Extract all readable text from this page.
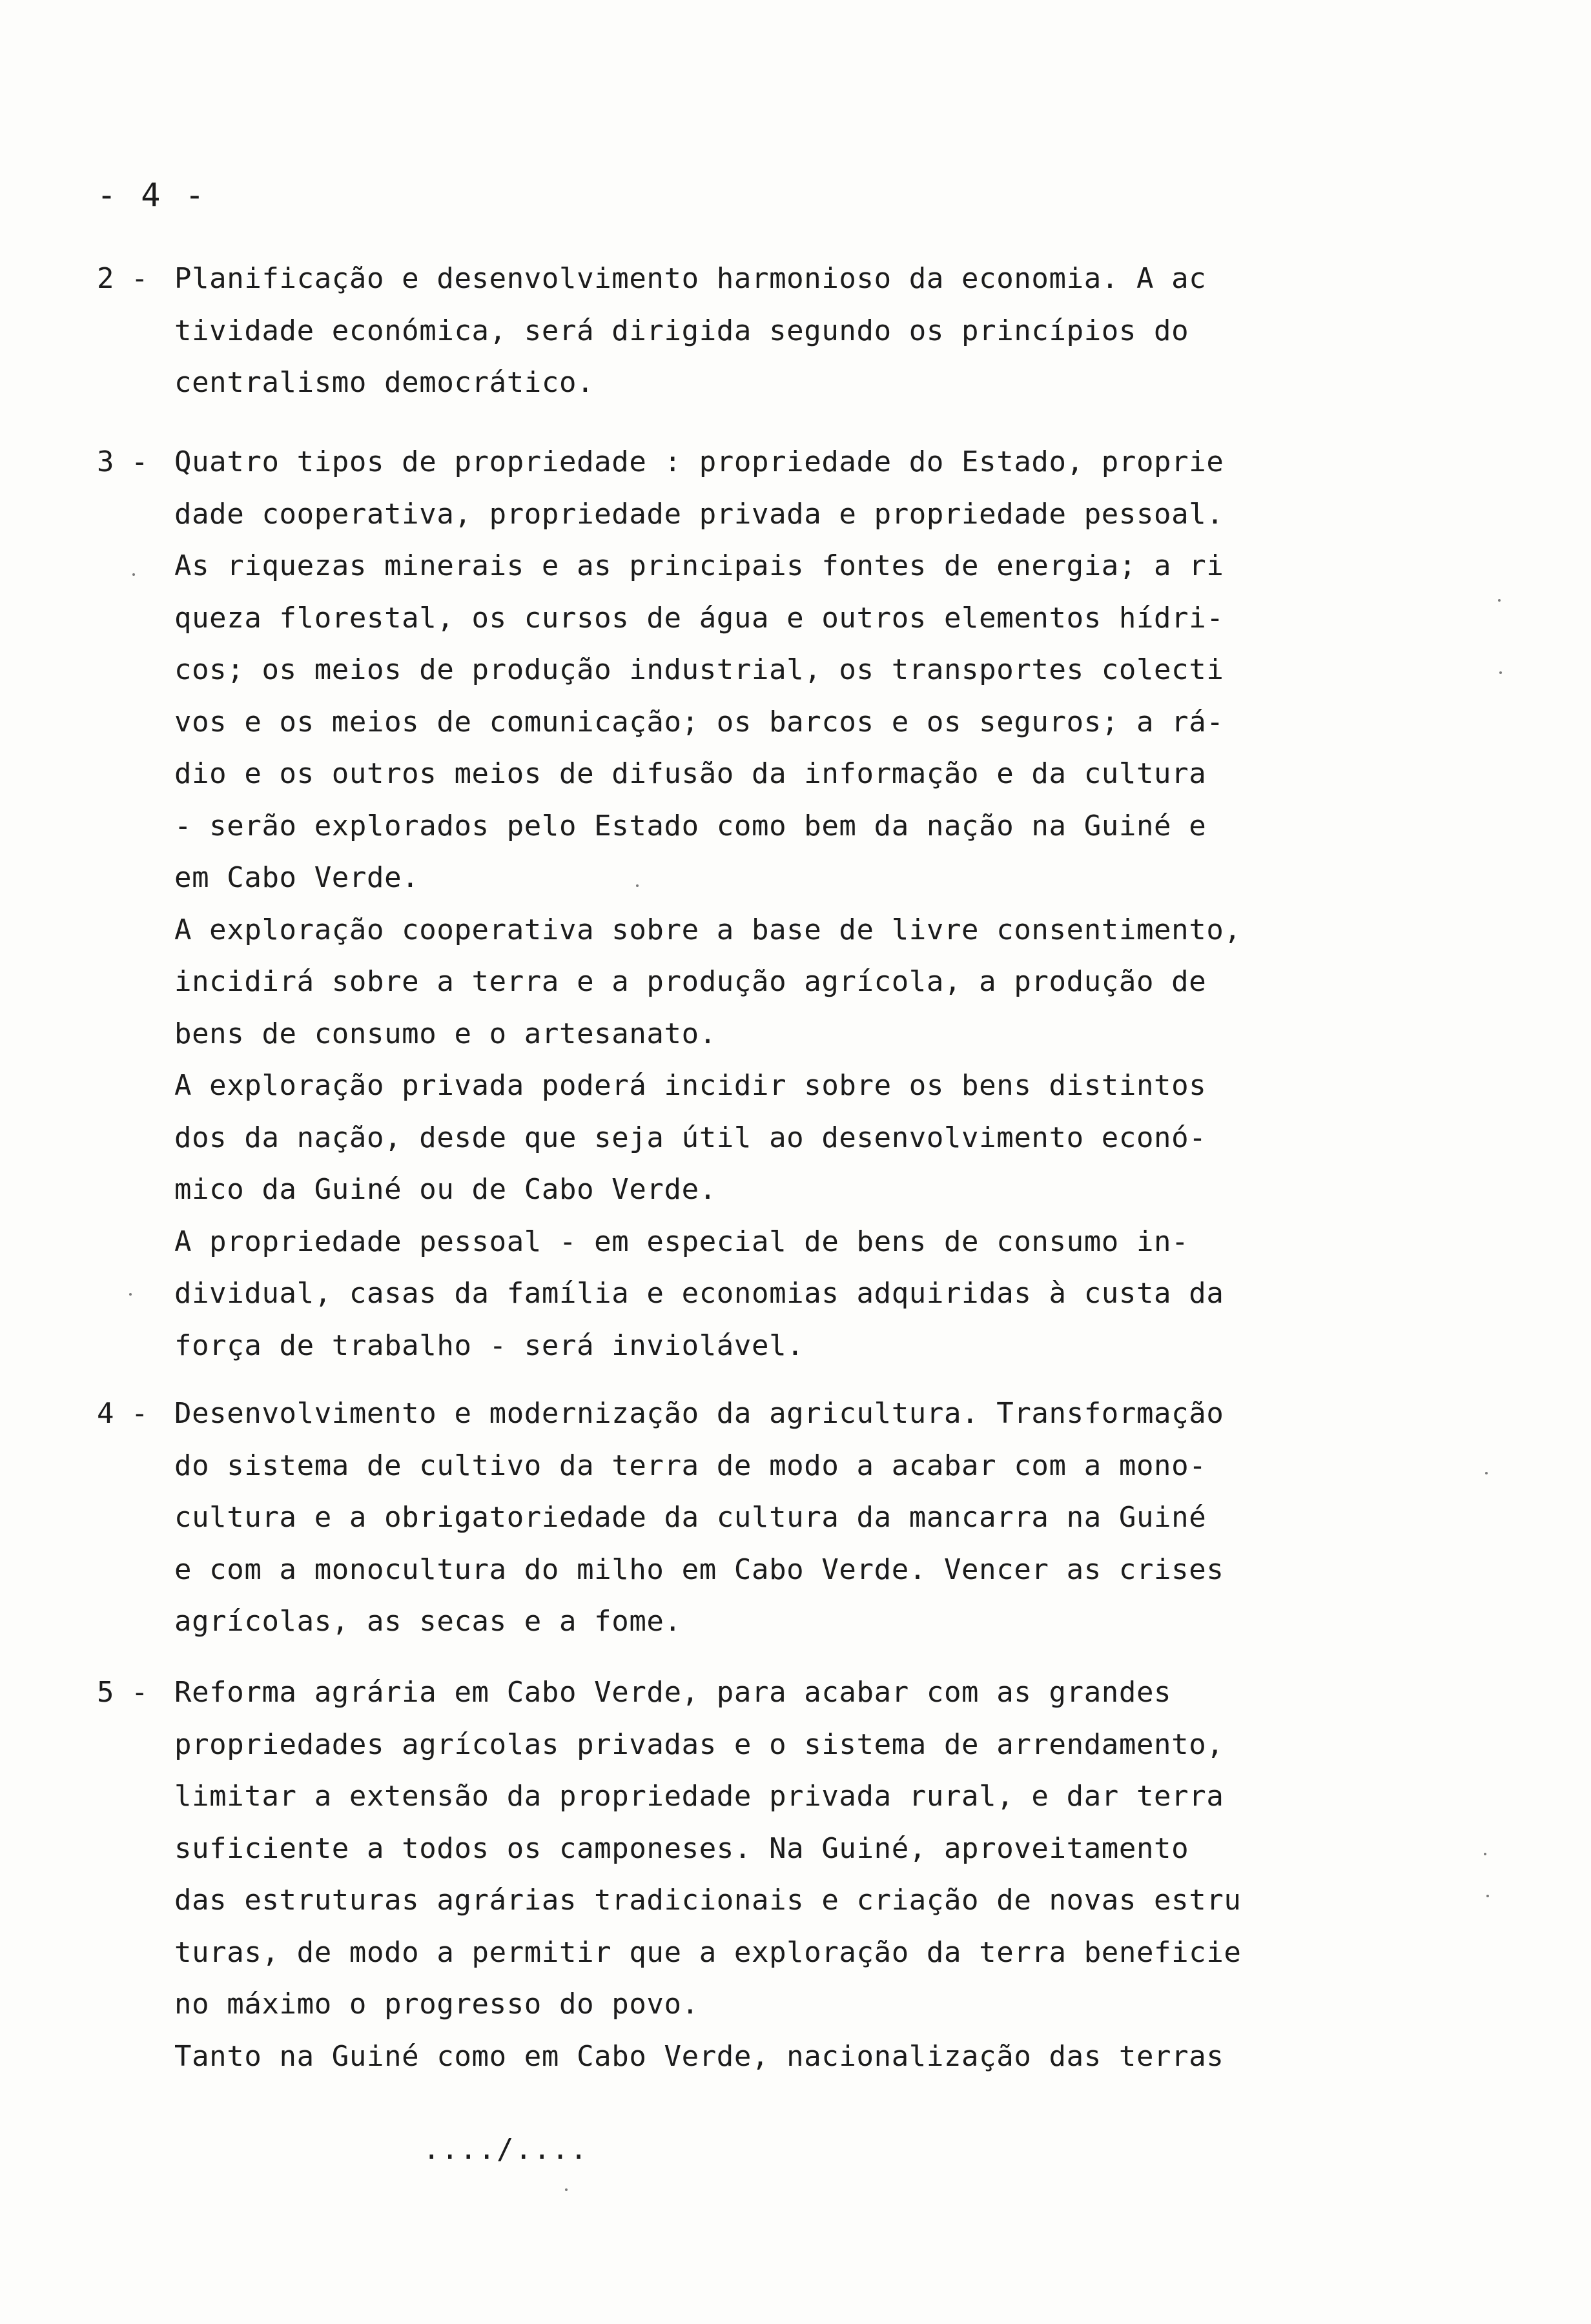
- 4 -
2 - Planificação e desenvolvimento harmonioso da economia. A ac
tividade económica, será dirigida segundo os princípios do
centralismo democrático.
3 - Quatro tipos de propriedade : propriedade do Estado, proprie
dade cooperativa, propriedade privada e propriedade pessoal.
As riquezas minerais e as principais fontes de energia; a ri
queza florestal, os cursos de água e outros elementos hídri-
cos; os meios de produção industrial, os transportes colecti
vos e os meios de comunicação; os barcos e os seguros; a rá-
dio e os outros meios de difusão da informação e da cultura
- serão explorados pelo Estado como bem da nação na Guiné e
em Cabo Verde.
A exploração cooperativa sobre a base de livre consentimento,
incidirá sobre a terra e a produção agrícola, a produção de
bens de consumo e o artesanato.
A exploração privada poderá incidir sobre os bens distintos
dos da nação, desde que seja útil ao desenvolvimento econó-
mico da Guiné ou de Cabo Verde.
A propriedade pessoal - em especial de bens de consumo in-
dividual, casas da família e economias adquiridas à custa da
força de trabalho - será inviolável.
4 - Desenvolvimento e modernização da agricultura. Transformação
do sistema de cultivo da terra de modo a acabar com a mono-
cultura e a obrigatoriedade da cultura da mancarra na Guiné
e com a monocultura do milho em Cabo Verde. Vencer as crises
agrícolas, as secas e a fome.
5 - Reforma agrária em Cabo Verde, para acabar com as grandes
propriedades agrícolas privadas e o sistema de arrendamento,
limitar a extensão da propriedade privada rural, e dar terra
suficiente a todos os camponeses. Na Guiné, aproveitamento
das estruturas agrárias tradicionais e criação de novas estru
turas, de modo a permitir que a exploração da terra beneficie
no máximo o progresso do povo.
Tanto na Guiné como em Cabo Verde, nacionalização das terras
..../....
